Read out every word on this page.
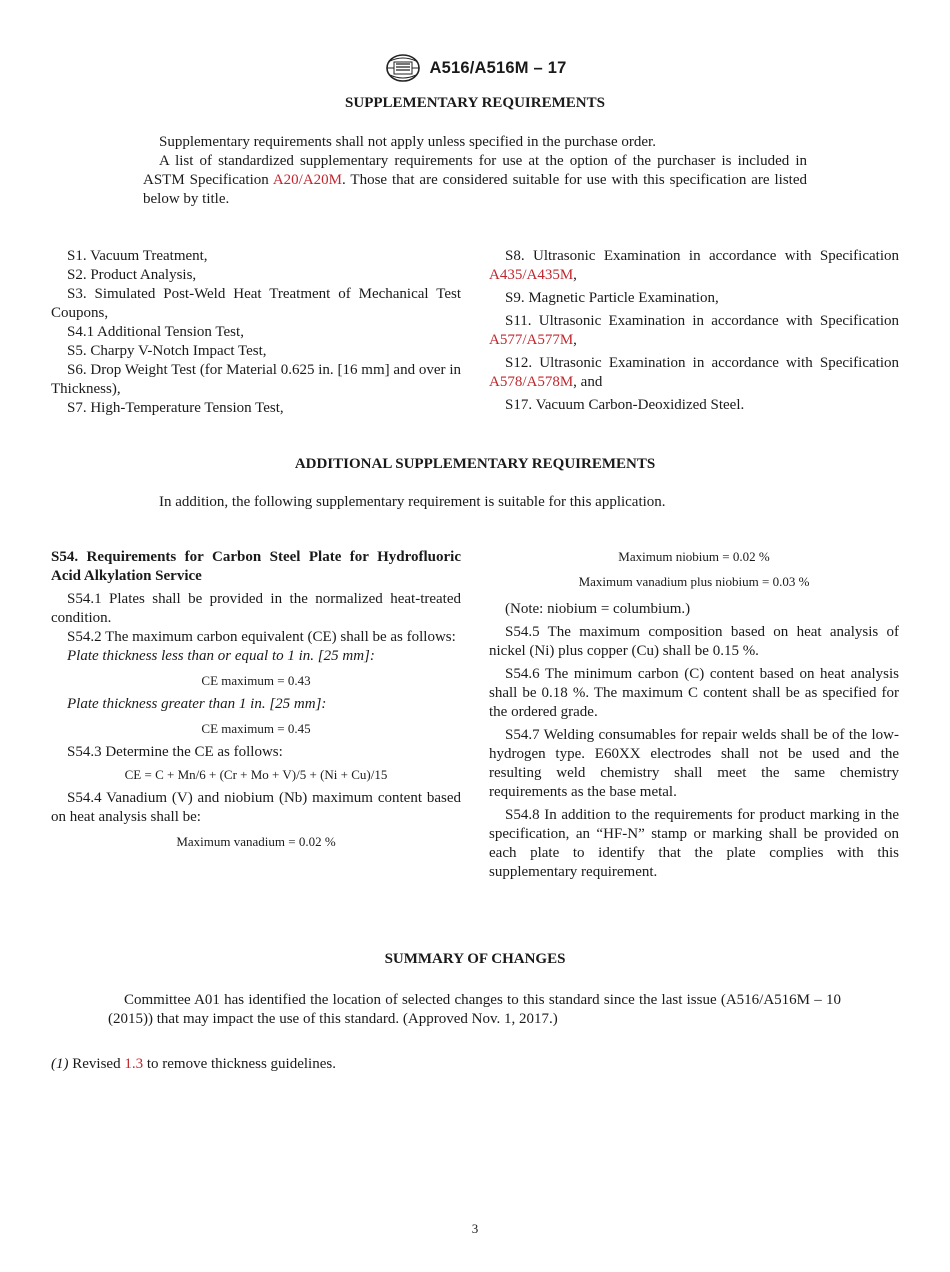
A516/A516M – 17
SUPPLEMENTARY REQUIREMENTS
Supplementary requirements shall not apply unless specified in the purchase order.
A list of standardized supplementary requirements for use at the option of the purchaser is included in ASTM Specification A20/A20M. Those that are considered suitable for use with this specification are listed below by title.
S1. Vacuum Treatment,
S2. Product Analysis,
S3. Simulated Post-Weld Heat Treatment of Mechanical Test Coupons,
S4.1 Additional Tension Test,
S5. Charpy V-Notch Impact Test,
S6. Drop Weight Test (for Material 0.625 in. [16 mm] and over in Thickness),
S7. High-Temperature Tension Test,
S8. Ultrasonic Examination in accordance with Specification A435/A435M,
S9. Magnetic Particle Examination,
S11. Ultrasonic Examination in accordance with Specification A577/A577M,
S12. Ultrasonic Examination in accordance with Specification A578/A578M, and
S17. Vacuum Carbon-Deoxidized Steel.
ADDITIONAL SUPPLEMENTARY REQUIREMENTS
In addition, the following supplementary requirement is suitable for this application.
S54. Requirements for Carbon Steel Plate for Hydrofluoric Acid Alkylation Service
S54.1 Plates shall be provided in the normalized heat-treated condition.
S54.2 The maximum carbon equivalent (CE) shall be as follows:
Plate thickness less than or equal to 1 in. [25 mm]:
CE maximum = 0.43
Plate thickness greater than 1 in. [25 mm]:
CE maximum = 0.45
S54.3 Determine the CE as follows:
CE = C + Mn/6 + (Cr + Mo + V)/5 + (Ni + Cu)/15
S54.4 Vanadium (V) and niobium (Nb) maximum content based on heat analysis shall be:
Maximum vanadium = 0.02 %
Maximum niobium = 0.02 %
Maximum vanadium plus niobium = 0.03 %
(Note: niobium = columbium.)
S54.5 The maximum composition based on heat analysis of nickel (Ni) plus copper (Cu) shall be 0.15 %.
S54.6 The minimum carbon (C) content based on heat analysis shall be 0.18 %. The maximum C content shall be as specified for the ordered grade.
S54.7 Welding consumables for repair welds shall be of the low-hydrogen type. E60XX electrodes shall not be used and the resulting weld chemistry shall meet the same chemistry requirements as the base metal.
S54.8 In addition to the requirements for product marking in the specification, an “HF-N” stamp or marking shall be provided on each plate to identify that the plate complies with this supplementary requirement.
SUMMARY OF CHANGES
Committee A01 has identified the location of selected changes to this standard since the last issue (A516/A516M – 10 (2015)) that may impact the use of this standard. (Approved Nov. 1, 2017.)
(1) Revised 1.3 to remove thickness guidelines.
3
